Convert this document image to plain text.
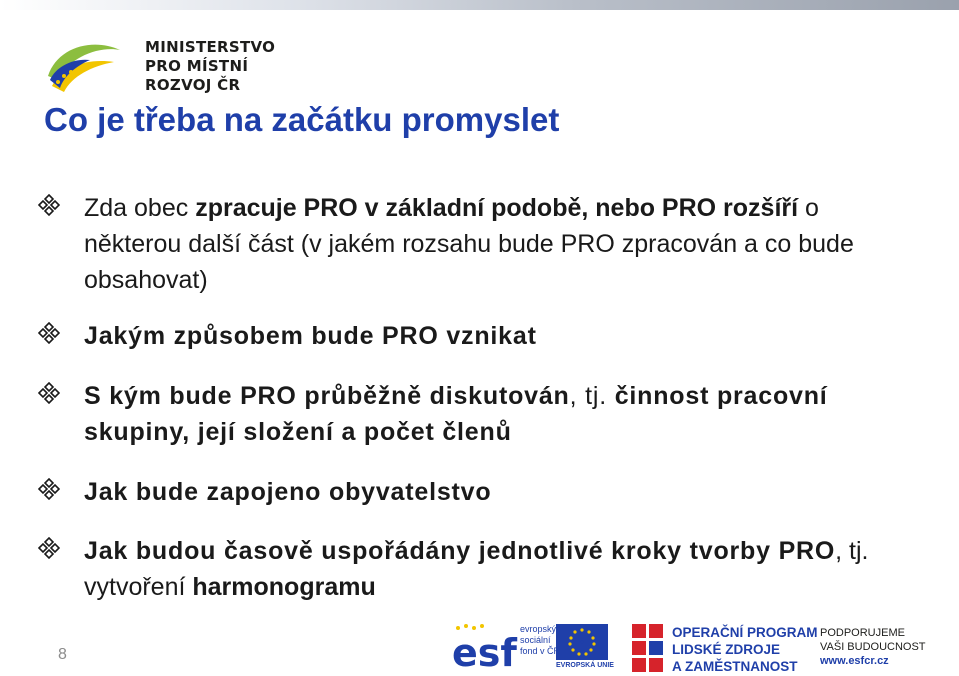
MINISTERSTVO
PRO MÍSTNÍ
ROZVOJ ČR
Co je třeba na začátku promyslet
Zda obec zpracuje PRO v základní podobě, nebo PRO rozšíří o některou další část (v jakém rozsahu bude PRO zpracován a co bude obsahovat)
Jakým způsobem bude PRO vznikat
S kým bude PRO průběžně diskutován, tj. činnost pracovní skupiny, její složení a počet členů
Jak bude zapojeno obyvatelstvo
Jak budou časově uspořádány jednotlivé kroky tvorby PRO, tj. vytvoření harmonogramu
8	esf
evropský
sociální
fond v ČR
EVROPSKÁ UNIE
OPERAČNÍ PROGRAM
LIDSKÉ ZDROJE
A ZAMĚSTNANOST
PODPORUJEME
VAŠI BUDOUCNOST
www.esfcr.cz
